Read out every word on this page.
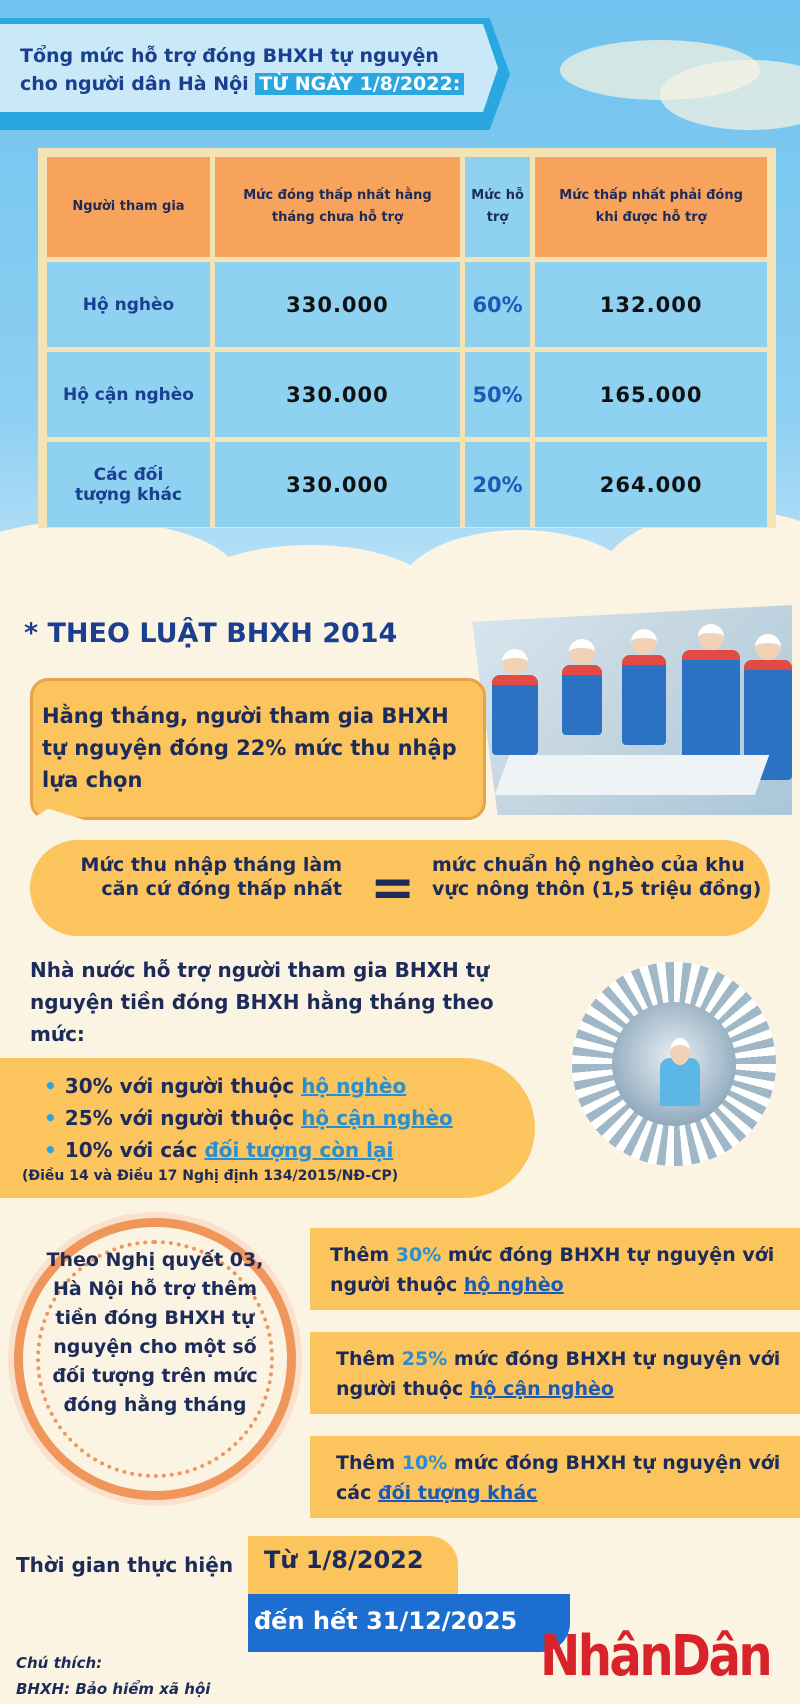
Tổng mức hỗ trợ đóng BHXH tự nguyện
cho người dân Hà Nội TỪ NGÀY 1/8/2022:
Người tham gia	Mức đóng thấp nhất hằng tháng chưa hỗ trợ	Mức hỗ trợ	Mức thấp nhất phải đóng khi được hỗ trợ
Hộ nghèo	330.000	60%	132.000
Hộ cận nghèo	330.000	50%	165.000
Các đối tượng khác	330.000	20%	264.000
* THEO LUẬT BHXH 2014
Hằng tháng, người tham gia BHXH tự nguyện đóng 22% mức thu nhập lựa chọn
Mức thu nhập tháng làm căn cứ đóng thấp nhất = mức chuẩn hộ nghèo của khu vực nông thôn (1,5 triệu đồng)
Nhà nước hỗ trợ người tham gia BHXH tự nguyện tiền đóng BHXH hằng tháng theo mức:
• 30% với người thuộc hộ nghèo
• 25% với người thuộc hộ cận nghèo
• 10% với các đối tượng còn lại
(Điều 14 và Điều 17 Nghị định 134/2015/NĐ-CP)
Theo Nghị quyết 03, Hà Nội hỗ trợ thêm tiền đóng BHXH tự nguyện cho một số đối tượng trên mức đóng hằng tháng
Thêm 30% mức đóng BHXH tự nguyện với người thuộc hộ nghèo
Thêm 25% mức đóng BHXH tự nguyện với người thuộc hộ cận nghèo
Thêm 10% mức đóng BHXH tự nguyện với các đối tượng khác
Thời gian thực hiện	Từ 1/8/2022
đến hết 31/12/2025
Chú thích:
BHXH: Bảo hiểm xã hội	NhânDân
